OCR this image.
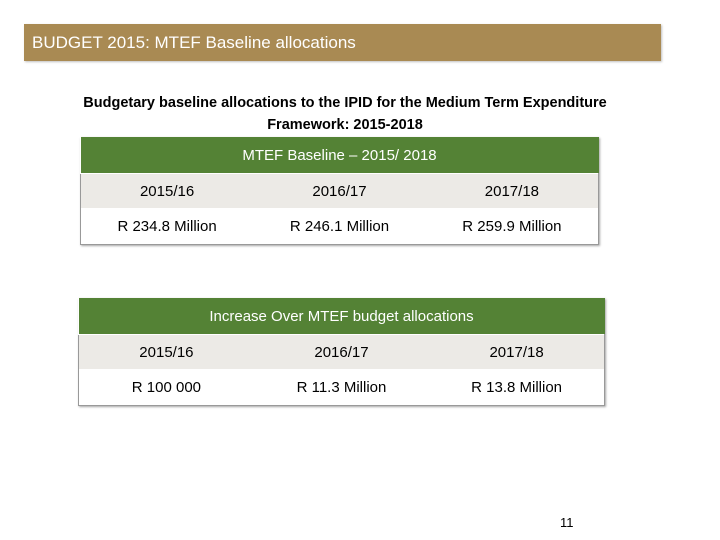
BUDGET 2015: MTEF Baseline allocations
Budgetary baseline allocations to the IPID for the Medium Term Expenditure
Framework: 2015-2018
MTEF Baseline – 2015/ 2018		
2015/16	2016/17	2017/18
R 234.8 Million	R 246.1 Million	R 259.9 Million
Increase Over MTEF budget allocations		
2015/16	2016/17	2017/18
R 100 000	R 11.3 Million	R 13.8 Million
11
